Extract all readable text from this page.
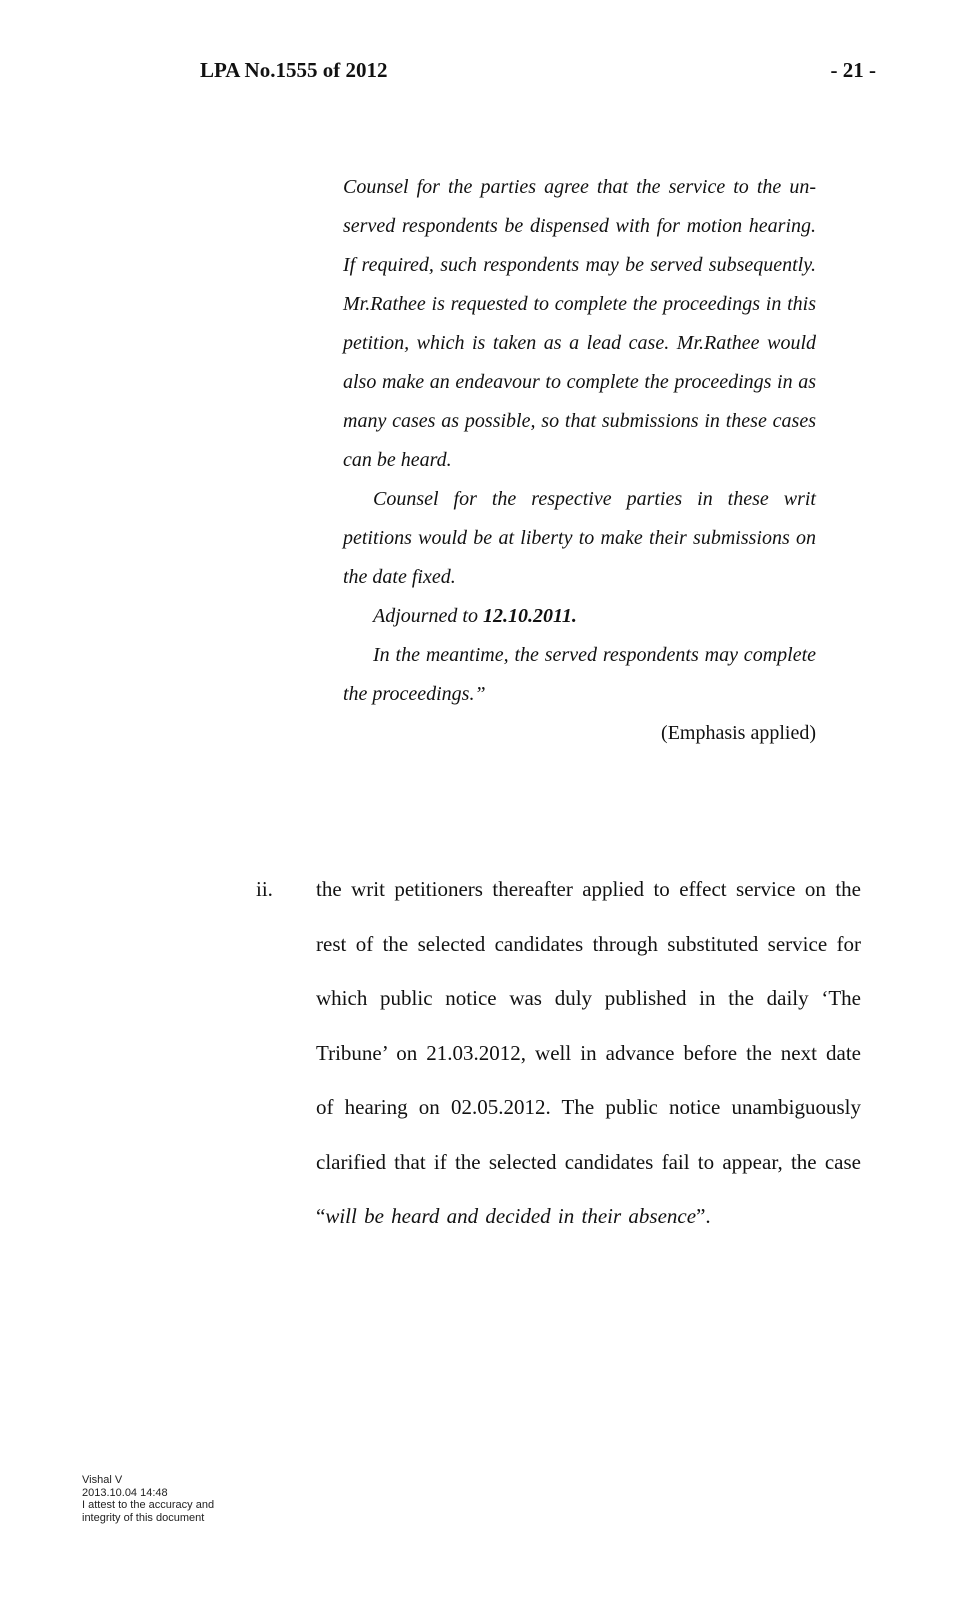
LPA No.1555 of 2012	- 21 -

Counsel for the parties agree that the service to the un-served respondents be dispensed with for motion hearing. If required, such respondents may be served subsequently. Mr.Rathee is requested to complete the proceedings in this petition, which is taken as a lead case. Mr.Rathee would also make an endeavour to complete the proceedings in as many cases as possible, so that submissions in these cases can be heard.

Counsel for the respective parties in these writ petitions would be at liberty to make their submissions on the date fixed.

Adjourned to 12.10.2011.

In the meantime, the served respondents may complete the proceedings.”

(Emphasis applied)

ii. the writ petitioners thereafter applied to effect service on the rest of the selected candidates through substituted service for which public notice was duly published in the daily ‘The Tribune’ on 21.03.2012, well in advance before the next date of hearing on 02.05.2012. The public notice unambiguously clarified that if the selected candidates fail to appear, the case “will be heard and decided in their absence”.
Vishal V
2013.10.04 14:48
I attest to the accuracy and
integrity of this document
